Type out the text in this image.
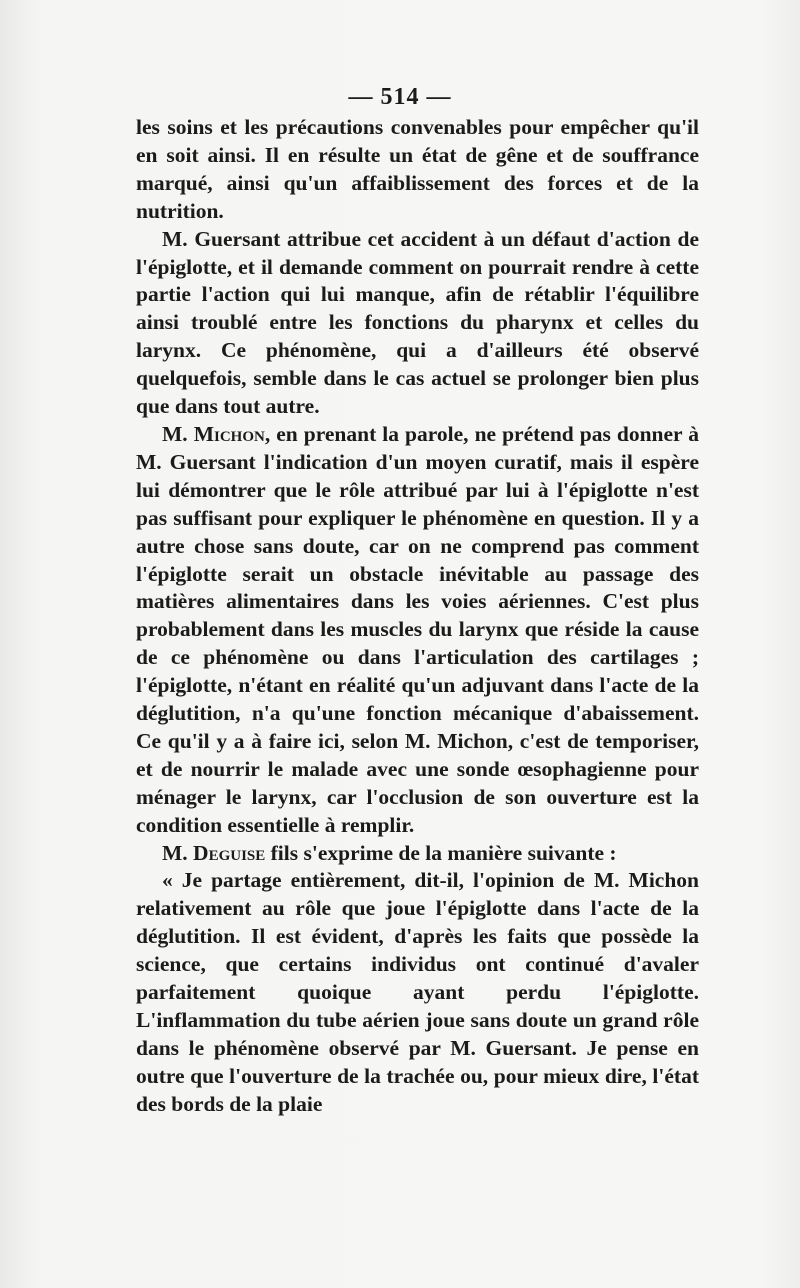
— 514 —

les soins et les précautions convenables pour empêcher qu'il en soit ainsi. Il en résulte un état de gêne et de souffrance marqué, ainsi qu'un affaiblissement des forces et de la nutrition.

M. Guersant attribue cet accident à un défaut d'action de l'épiglotte, et il demande comment on pourrait rendre à cette partie l'action qui lui manque, afin de rétablir l'équilibre ainsi troublé entre les fonctions du pharynx et celles du larynx. Ce phénomène, qui a d'ailleurs été observé quelquefois, semble dans le cas actuel se prolonger bien plus que dans tout autre.

M. Michon, en prenant la parole, ne prétend pas donner à M. Guersant l'indication d'un moyen curatif, mais il espère lui démontrer que le rôle attribué par lui à l'épiglotte n'est pas suffisant pour expliquer le phénomène en question. Il y a autre chose sans doute, car on ne comprend pas comment l'épiglotte serait un obstacle inévitable au passage des matières alimentaires dans les voies aériennes. C'est plus probablement dans les muscles du larynx que réside la cause de ce phénomène ou dans l'articulation des cartilages ; l'épiglotte, n'étant en réalité qu'un adjuvant dans l'acte de la déglutition, n'a qu'une fonction mécanique d'abaissement. Ce qu'il y a à faire ici, selon M. Michon, c'est de temporiser, et de nourrir le malade avec une sonde œsophagienne pour ménager le larynx, car l'occlusion de son ouverture est la condition essentielle à remplir.

M. Deguise fils s'exprime de la manière suivante :

« Je partage entièrement, dit-il, l'opinion de M. Michon relativement au rôle que joue l'épiglotte dans l'acte de la déglutition. Il est évident, d'après les faits que possède la science, que certains individus ont continué d'avaler parfaitement quoique ayant perdu l'épiglotte. L'inflammation du tube aérien joue sans doute un grand rôle dans le phénomène observé par M. Guersant. Je pense en outre que l'ouverture de la trachée ou, pour mieux dire, l'état des bords de la plaie
